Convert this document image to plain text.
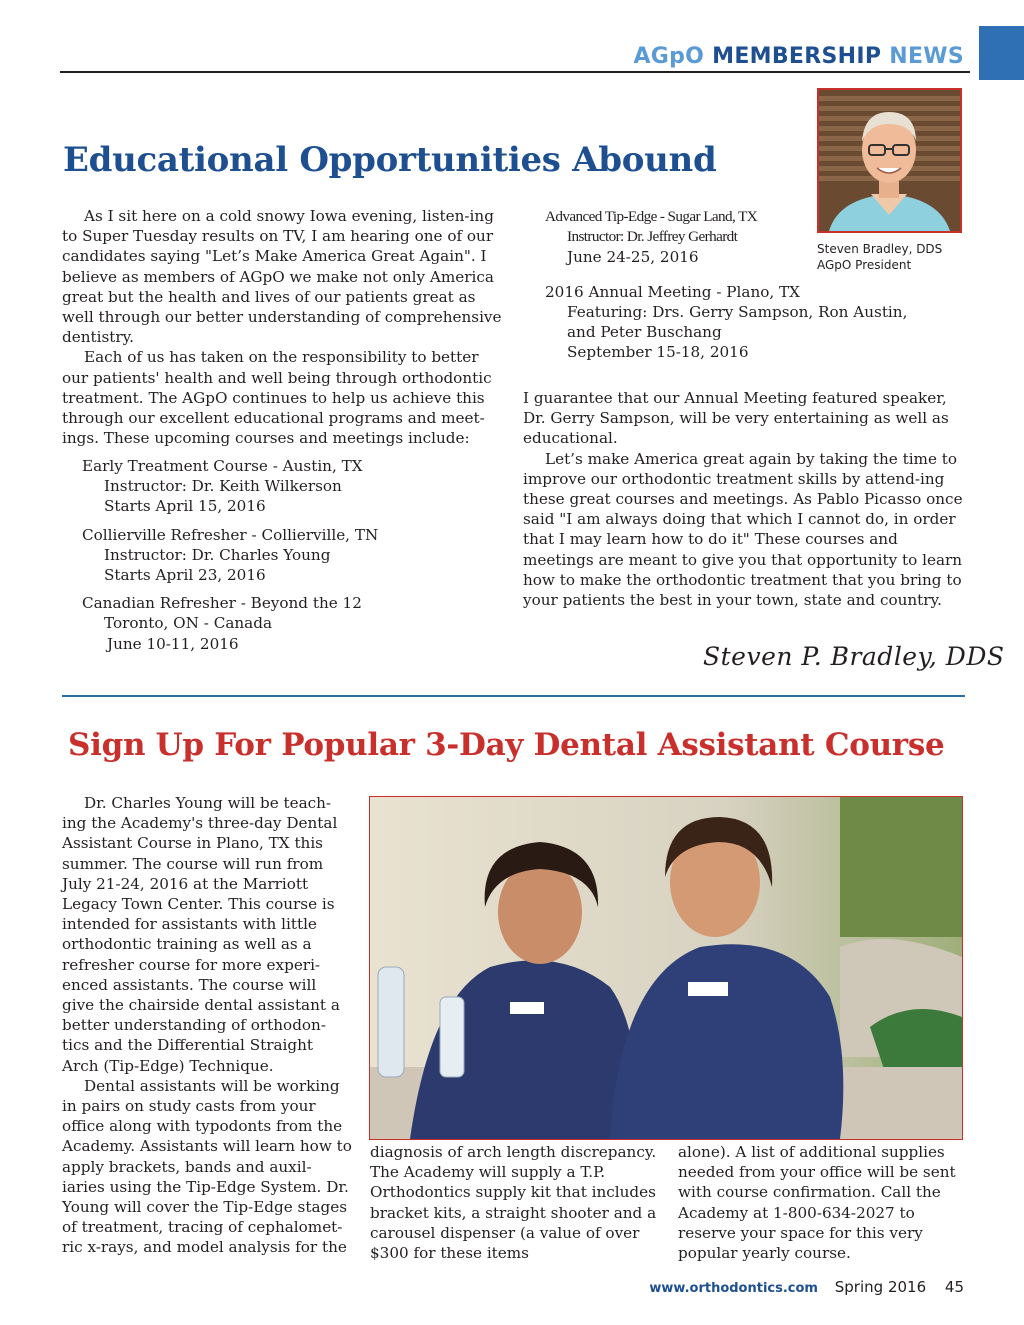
AGpO MEMBERSHIP NEWS
Educational Opportunities Abound
Steven Bradley, DDS
AGpO President

As I sit here on a cold snowy Iowa evening, listen-ing to Super Tuesday results on TV, I am hearing one of our candidates saying "Let’s Make America Great Again". I believe as members of AGpO we make not only America great but the health and lives of our patients great as well through our better understanding of comprehensive dentistry.

Each of us has taken on the responsibility to better our patients' health and well being through orthodontic treatment. The AGpO continues to help us achieve this through our excellent educational programs and meet-ings. These upcoming courses and meetings include:

Early Treatment Course - Austin, TX
Instructor: Dr. Keith Wilkerson
Starts April 15, 2016
Collierville Refresher - Collierville, TN
Instructor: Dr. Charles Young
Starts April 23, 2016
Canadian Refresher - Beyond the 12
Toronto, ON - Canada
June 10-11, 2016
Advanced Tip-Edge - Sugar Land, TX
Instructor: Dr. Jeffrey Gerhardt
June 24-25, 2016
2016 Annual Meeting - Plano, TX
Featuring: Drs. Gerry Sampson, Ron Austin,
and Peter Buschang
September 15-18, 2016

I guarantee that our Annual Meeting featured speaker, Dr. Gerry Sampson, will be very entertaining as well as educational.

Let’s make America great again by taking the time to improve our orthodontic treatment skills by attend-ing these great courses and meetings. As Pablo Picasso once said "I am always doing that which I cannot do, in order that I may learn how to do it" These courses and meetings are meant to give you that opportunity to learn how to make the orthodontic treatment that you bring to your patients the best in your town, state and country.

Steven P. Bradley, DDS
Sign Up For Popular 3-Day Dental Assistant Course

Dr. Charles Young will be teach-ing the Academy's three-day Dental Assistant Course in Plano, TX this summer. The course will run from July 21-24, 2016 at the Marriott Legacy Town Center. This course is intended for assistants with little orthodontic training as well as a refresher course for more experi-enced assistants. The course will give the chairside dental assistant a better understanding of orthodon-tics and the Differential Straight Arch (Tip-Edge) Technique.

Dental assistants will be working in pairs on study casts from your office along with typodonts from the Academy. Assistants will learn how to apply brackets, bands and auxil-iaries using the Tip-Edge System. Dr. Young will cover the Tip-Edge stages of treatment, tracing of cephalomet-ric x-rays, and model analysis for the

diagnosis of arch length discrepancy. The Academy will supply a T.P. Orthodontics supply kit that includes bracket kits, a straight shooter and a carousel dispenser (a value of over $300 for these items

alone). A list of additional supplies needed from your office will be sent with course confirmation. Call the Academy at 1-800-634-2027 to reserve your space for this very popular yearly course.

www.orthodontics.com Spring 2016 45
